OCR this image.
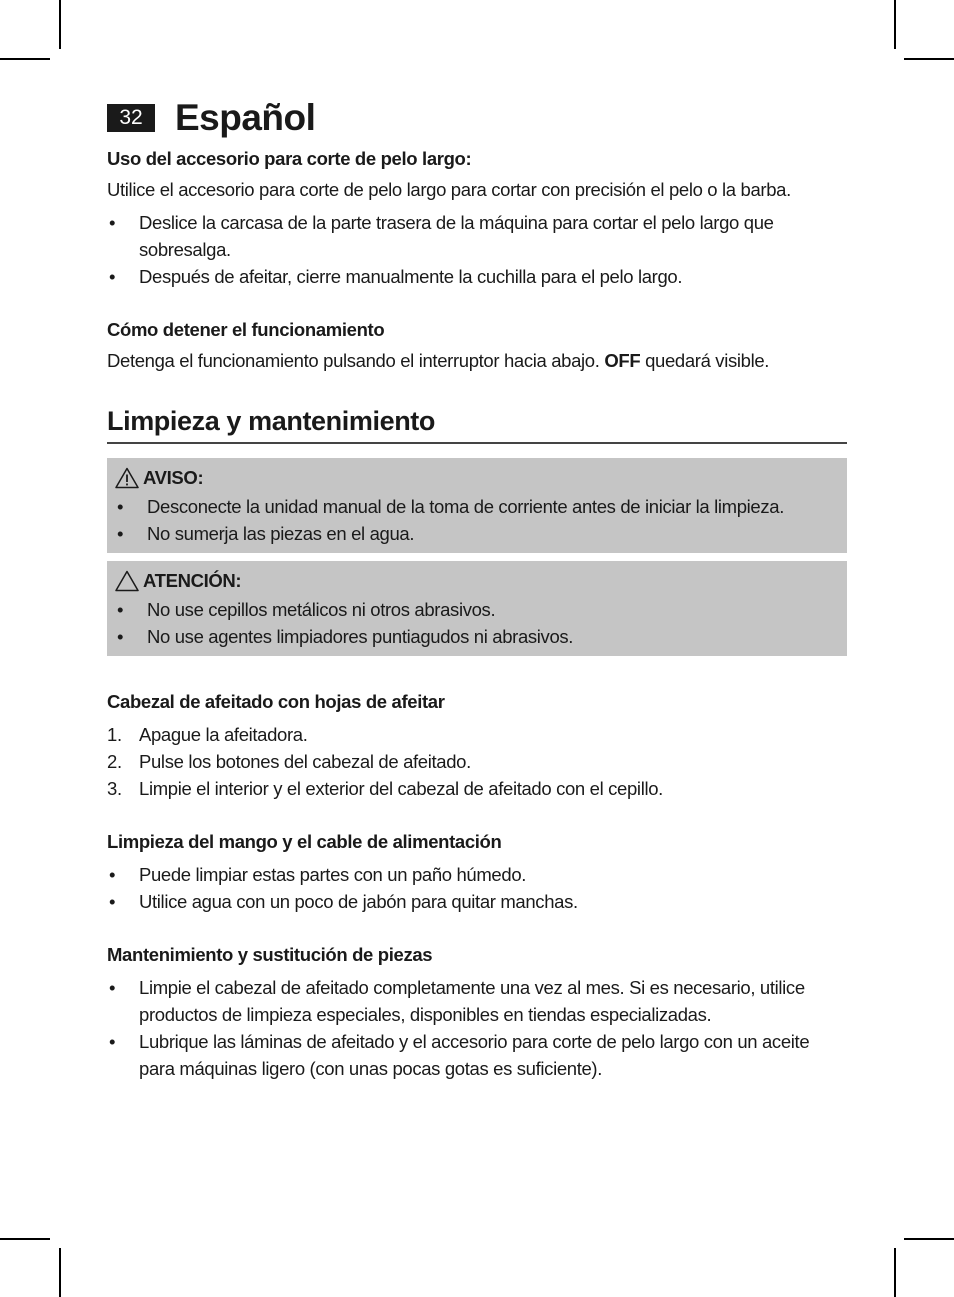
32 Español

Uso del accesorio para corte de pelo largo:

Utilice el accesorio para corte de pelo largo para cortar con precisión el pelo o la barba.

• Deslice la carcasa de la parte trasera de la máquina para cortar el pelo largo que sobresalga.
• Después de afeitar, cierre manualmente la cuchilla para el pelo largo.

Cómo detener el funcionamiento

Detenga el funcionamiento pulsando el interruptor hacia abajo. OFF quedará visible.

Limpieza y mantenimiento
AVISO:
• Desconecte la unidad manual de la toma de corriente antes de iniciar la limpieza.
• No sumerja las piezas en el agua.
ATENCIÓN:
• No use cepillos metálicos ni otros abrasivos.
• No use agentes limpiadores puntiagudos ni abrasivos.

Cabezal de afeitado con hojas de afeitar

1. Apague la afeitadora.
2. Pulse los botones del cabezal de afeitado.
3. Limpie el interior y el exterior del cabezal de afeitado con el cepillo.

Limpieza del mango y el cable de alimentación

• Puede limpiar estas partes con un paño húmedo.
• Utilice agua con un poco de jabón para quitar manchas.

Mantenimiento y sustitución de piezas

• Limpie el cabezal de afeitado completamente una vez al mes. Si es necesario, utilice productos de limpieza especiales, disponibles en tiendas especializadas.
• Lubrique las láminas de afeitado y el accesorio para corte de pelo largo con un aceite para máquinas ligero (con unas pocas gotas es suficiente).
